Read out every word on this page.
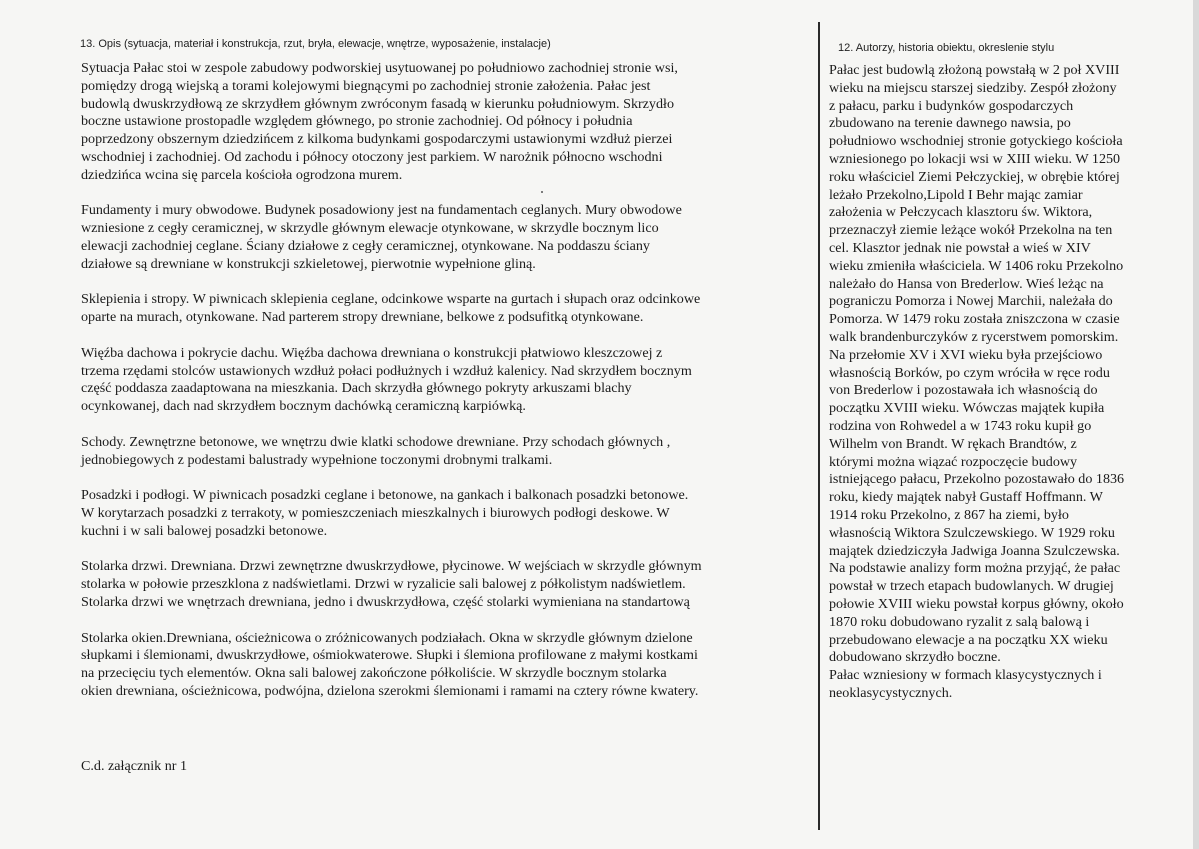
13. Opis (sytuacja, materiał i konstrukcja, rzut, bryła, elewacje, wnętrze, wyposażenie, instalacje)	12. Autorzy, historia obiektu, okreslenie stylu

Sytuacja Pałac stoi w zespole zabudowy podworskiej usytuowanej po południowo zachodniej stronie wsi,
pomiędzy drogą wiejską a torami kolejowymi biegnącymi po zachodniej stronie założenia. Pałac jest
budowlą dwuskrzydłową ze skrzydłem głównym zwróconym fasadą w kierunku południowym. Skrzydło
boczne ustawione prostopadle względem głównego, po stronie zachodniej. Od północy i południa
poprzedzony obszernym dziedzińcem z kilkoma budynkami gospodarczymi ustawionymi wzdłuż pierzei
wschodniej i zachodniej. Od zachodu i północy otoczony jest parkiem. W narożnik północno wschodni
dziedzińca wcina się parcela kościoła ogrodzona murem.

Fundamenty i mury obwodowe. Budynek posadowiony jest na fundamentach ceglanych. Mury obwodowe
wzniesione z cegły ceramicznej, w skrzydle głównym elewacje otynkowane, w skrzydle bocznym lico
elewacji zachodniej ceglane. Ściany działowe z cegły ceramicznej, otynkowane. Na poddaszu ściany
działowe są drewniane w konstrukcji szkieletowej, pierwotnie wypełnione gliną.

Sklepienia i stropy. W piwnicach sklepienia ceglane, odcinkowe wsparte na gurtach i słupach oraz odcinkowe
oparte na murach, otynkowane. Nad parterem stropy drewniane, belkowe z podsufitką otynkowane.

Więźba dachowa i pokrycie dachu. Więźba dachowa drewniana o konstrukcji płatwiowo kleszczowej z
trzema rzędami stolców ustawionych wzdłuż połaci podłużnych i wzdłuż kalenicy. Nad skrzydłem bocznym
część poddasza zaadaptowana na mieszkania. Dach skrzydła głównego pokryty arkuszami blachy
ocynkowanej, dach nad skrzydłem bocznym dachówką ceramiczną karpiówką.

Schody. Zewnętrzne betonowe, we wnętrzu dwie klatki schodowe drewniane. Przy schodach głównych ,
jednobiegowych z podestami balustrady wypełnione toczonymi drobnymi tralkami.

Posadzki i podłogi. W piwnicach posadzki ceglane i betonowe, na gankach i balkonach posadzki betonowe.
W korytarzach posadzki z terrakoty, w pomieszczeniach mieszkalnych i biurowych podłogi deskowe. W
kuchni i w sali balowej posadzki betonowe.

Stolarka drzwi. Drewniana. Drzwi zewnętrzne dwuskrzydłowe, płycinowe. W wejściach w skrzydle głównym
stolarka w połowie przeszklona z nadświetlami. Drzwi w ryzalicie sali balowej z półkolistym nadświetlem.
Stolarka drzwi we wnętrzach drewniana, jedno i dwuskrzydłowa, część stolarki wymieniana na standartową

Stolarka okien.Drewniana, ościeżnicowa o zróżnicowanych podziałach. Okna w skrzydle głównym dzielone
słupkami i ślemionami, dwuskrzydłowe, ośmiokwaterowe. Słupki i ślemiona profilowane z małymi kostkami
na przecięciu tych elementów. Okna sali balowej zakończone półkoliście. W skrzydle bocznym stolarka
okien drewniana, ościeżnicowa, podwójna, dzielona szerokmi ślemionami i ramami na cztery równe kwatery.

C.d. załącznik nr 1

Pałac jest budowlą złożoną powstałą w 2 poł XVIII
wieku na miejscu starszej siedziby. Zespół złożony
z pałacu, parku i budynków gospodarczych
zbudowano na terenie dawnego nawsia, po
południowo wschodniej stronie gotyckiego kościoła
wzniesionego po lokacji wsi w XIII wieku. W 1250
roku właściciel Ziemi Pełczyckiej, w obrębie której
leżało Przekolno,Lipold I Behr mając zamiar
założenia w Pełczycach klasztoru św. Wiktora,
przeznaczył ziemie leżące wokół Przekolna na ten
cel. Klasztor jednak nie powstał a wieś w XIV
wieku zmieniła właściciela. W 1406 roku Przekolno
należało do Hansa von Brederlow. Wieś leżąc na
pograniczu Pomorza i Nowej Marchii, należała do
Pomorza. W 1479 roku została zniszczona w czasie
walk brandenburczyków z rycerstwem pomorskim.
Na przełomie XV i XVI wieku była przejściowo
własnością Borków, po czym wróciła w ręce rodu
von Brederlow i pozostawała ich własnością do
początku XVIII wieku. Wówczas majątek kupiła
rodzina von Rohwedel a w 1743 roku kupił go
Wilhelm von Brandt. W rękach Brandtów, z
którymi można wiązać rozpoczęcie budowy
istniejącego pałacu, Przekolno pozostawało do 1836
roku, kiedy majątek nabył Gustaff Hoffmann. W
1914 roku Przekolno, z 867 ha ziemi, było
własnością Wiktora Szulczewskiego. W 1929 roku
majątek dziedziczyła Jadwiga Joanna Szulczewska.
Na podstawie analizy form można przyjąć, że pałac
powstał w trzech etapach budowlanych. W drugiej
połowie XVIII wieku powstał korpus główny, około
1870 roku dobudowano ryzalit z salą balową i
przebudowano elewacje a na początku XX wieku
dobudowano skrzydło boczne.
Pałac wzniesiony w formach klasycystycznych i
neoklasycystycznych.
